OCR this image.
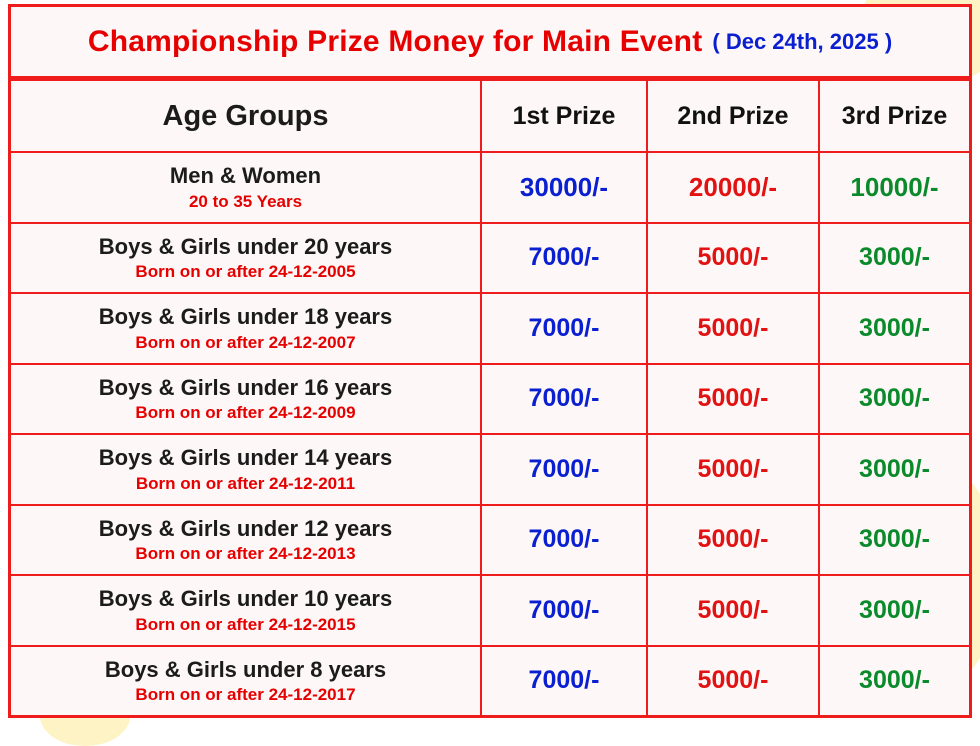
Championship Prize Money for Main Event ( Dec 24th, 2025 )
Age Groups	1st Prize	2nd Prize	3rd Prize

Men & Women
20 to 35 Years	30000/-	20000/-	10000/-

Boys & Girls under 20 years
Born on or after 24-12-2005	7000/-	5000/-	3000/-

Boys & Girls under 18 years
Born on or after 24-12-2007	7000/-	5000/-	3000/-

Boys & Girls under 16 years
Born on or after 24-12-2009	7000/-	5000/-	3000/-

Boys & Girls under 14 years
Born on or after 24-12-2011	7000/-	5000/-	3000/-

Boys & Girls under 12 years
Born on or after 24-12-2013	7000/-	5000/-	3000/-

Boys & Girls under 10 years
Born on or after 24-12-2015	7000/-	5000/-	3000/-

Boys & Girls under 8 years
Born on or after 24-12-2017	7000/-	5000/-	3000/-
